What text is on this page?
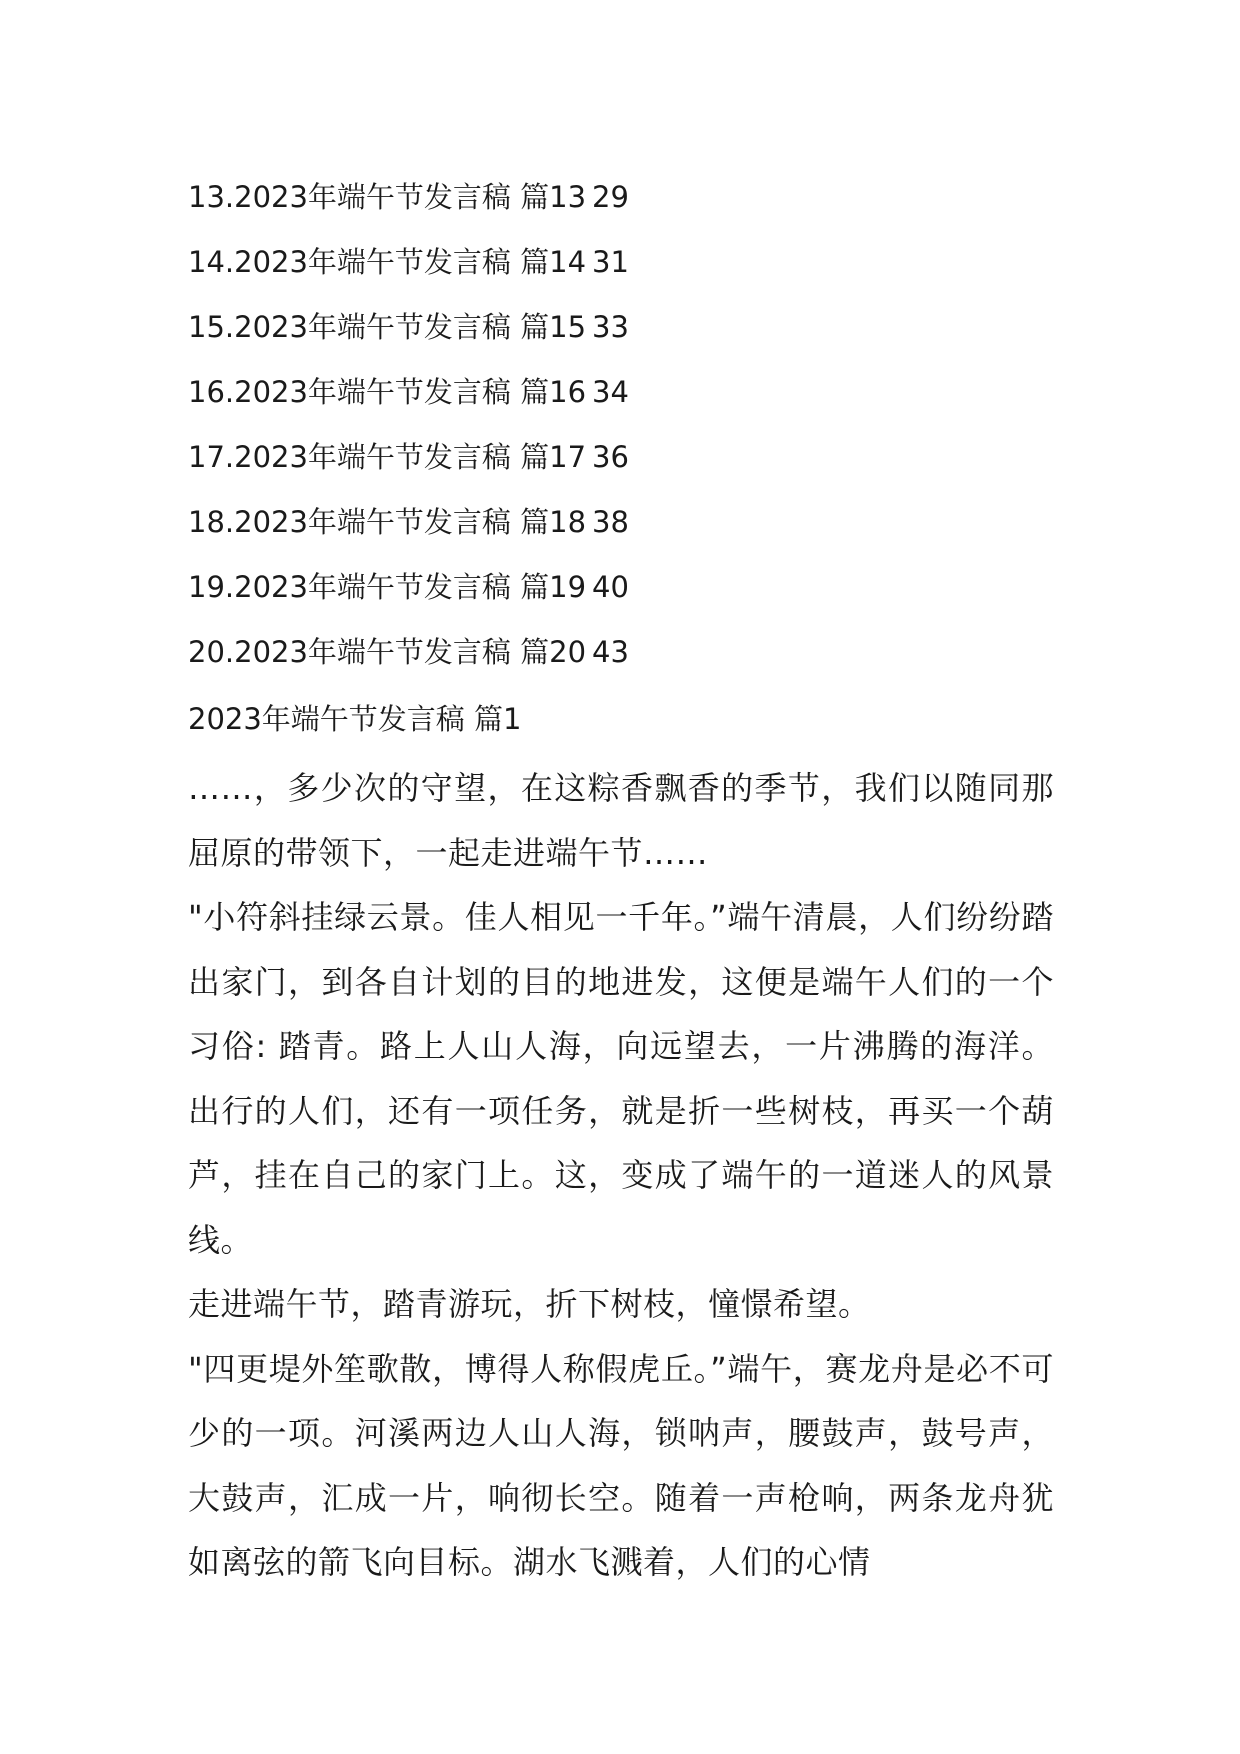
13.2023年端午节发言稿 篇13 29
14.2023年端午节发言稿 篇14 31
15.2023年端午节发言稿 篇15 33
16.2023年端午节发言稿 篇16 34
17.2023年端午节发言稿 篇17 36
18.2023年端午节发言稿 篇18 38
19.2023年端午节发言稿 篇19 40
20.2023年端午节发言稿 篇20 43
2023年端午节发言稿 篇1

……，多少次的守望，在这粽香飘香的季节，我们以随同那屈原的带领下，一起走进端午节……

"小符斜挂绿云景。佳人相见一千年。”端午清晨，人们纷纷踏出家门，到各自计划的目的地进发，这便是端午人们的一个习俗: 踏青。路上人山人海，向远望去，一片沸腾的海洋。出行的人们，还有一项任务，就是折一些树枝，再买一个葫芦，挂在自己的家门上。这，变成了端午的一道迷人的风景线。

走进端午节，踏青游玩，折下树枝，憧憬希望。

"四更堤外笙歌散，博得人称假虎丘。”端午，赛龙舟是必不可少的一项。河溪两边人山人海，锁呐声，腰鼓声，鼓号声，大鼓声，汇成一片，响彻长空。随着一声枪响，两条龙舟犹如离弦的箭飞向目标。湖水飞溅着，人们的心情
